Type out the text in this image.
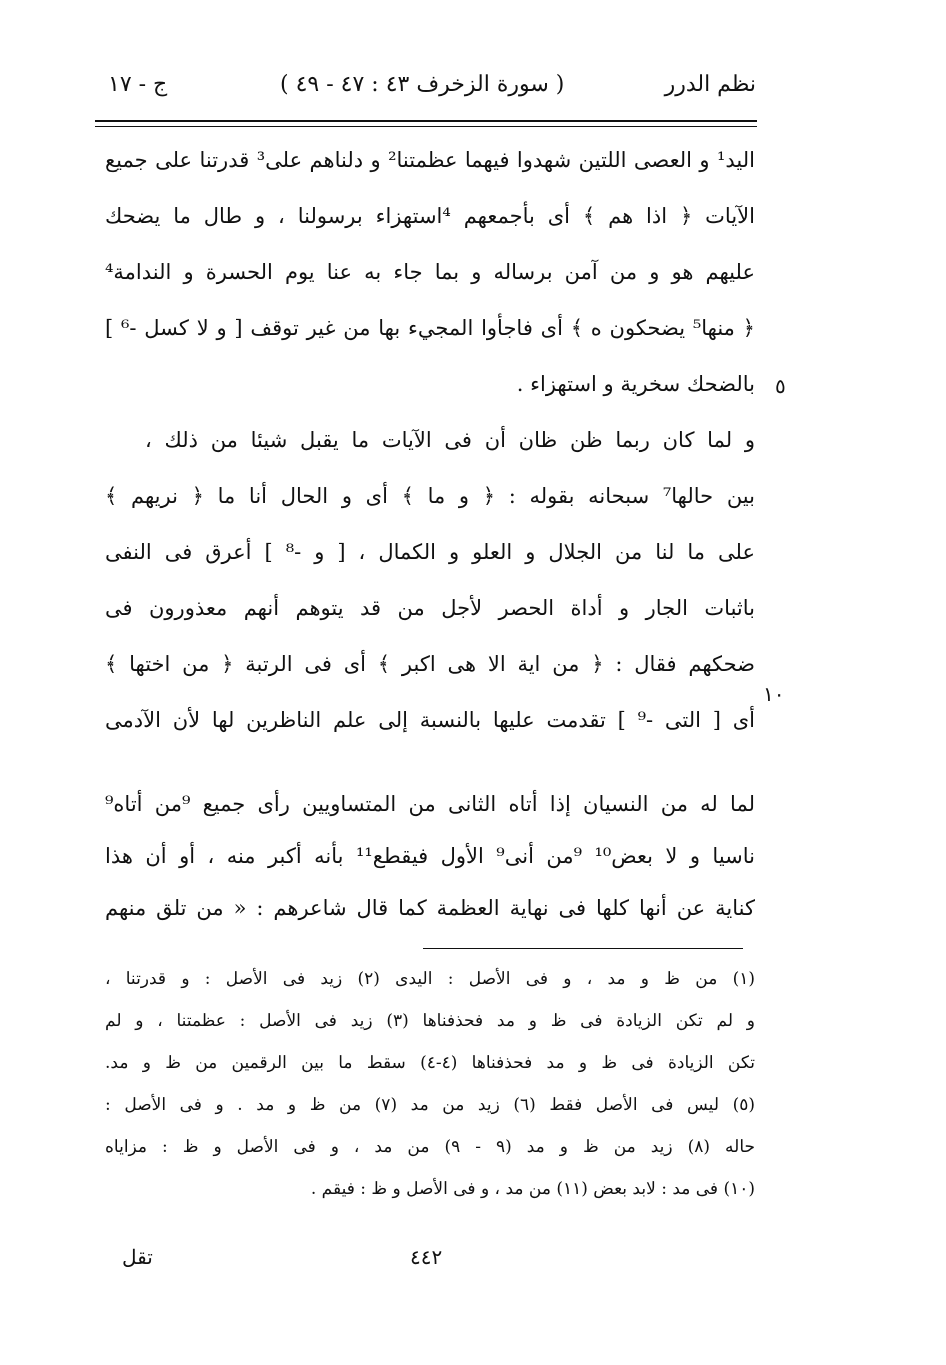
نظم الدرر
( سورة الزخرف ٤٣ : ٤٧ - ٤٩ )
ج - ١٧
اليد¹ و العصى اللتين شهدوا فيهما عظمتنا² و دلناهم على³ قدرتنا على جميع
الآيات ﴿ اذا هم ﴾ أى بأجمعهم ⁴استهزاء برسولنا ، و طال ما يضحك
عليهم هو و من آمن برساله و بما جاء به عنا يوم الحسرة و الندامة⁴
﴿ منها⁵ يضحكون ه ﴾ أى فاجأوا المجيء بها من غير توقف [ و لا كسل -⁶ ]
بالضحك سخرية و استهزاء .
و لما كان ربما ظن ظان أن فى الآيات ما يقبل شيئا من ذلك ،
بين حالها⁷ سبحانه بقوله : ﴿ و ما ﴾ أى و الحال أنا ما ﴿ نريهم ﴾
على ما لنا من الجلال و العلو و الكمال ، [ و -⁸ ] أعرق فى النفى
باثبات الجار و أداة الحصر لأجل من قد يتوهم أنهم معذورون فى
ضحكهم فقال : ﴿ من اية الا هى اكبر ﴾ أى فى الرتبة ﴿ من اختها ﴾
أى [ التى -⁹ ] تقدمت عليها بالنسبة إلى علم الناظرين لها لأن الآدمى
لما له من النسيان إذا أتاه الثانى من المتساويين رأى جميع ⁹من أتاه⁹
ناسيا و لا بعض¹⁰ ⁹من أنى⁹ الأول فيقطع¹¹ بأنه أكبر منه ، أو أن هذا
كناية عن أنها كلها فى نهاية العظمة كما قال شاعرهم : « من تلق منهم
٥
١٠
(١) من ظ و مد ، و فى الأصل : اليدى (٢) زيد فى الأصل : و قدرتنا ،
و لم تكن الزيادة فى ظ و مد فحذفناها (٣) زيد فى الأصل : عظمتنا ، و لم
تكن الزيادة فى ظ و مد فحذفناها (٤-٤) سقط ما بين الرقمين من ظ و مد.
(٥) ليس فى الأصل فقط (٦) زيد من مد (٧) من ظ و مد . و فى الأصل :
حاله (٨) زيد من ظ و مد (٩ - ٩) من مد ، و فى الأصل و ظ : مزاياه
(١٠) فى مد : لابد بعض (١١) من مد ، و فى الأصل و ظ : فيقم .
٤٤٢
تقل
